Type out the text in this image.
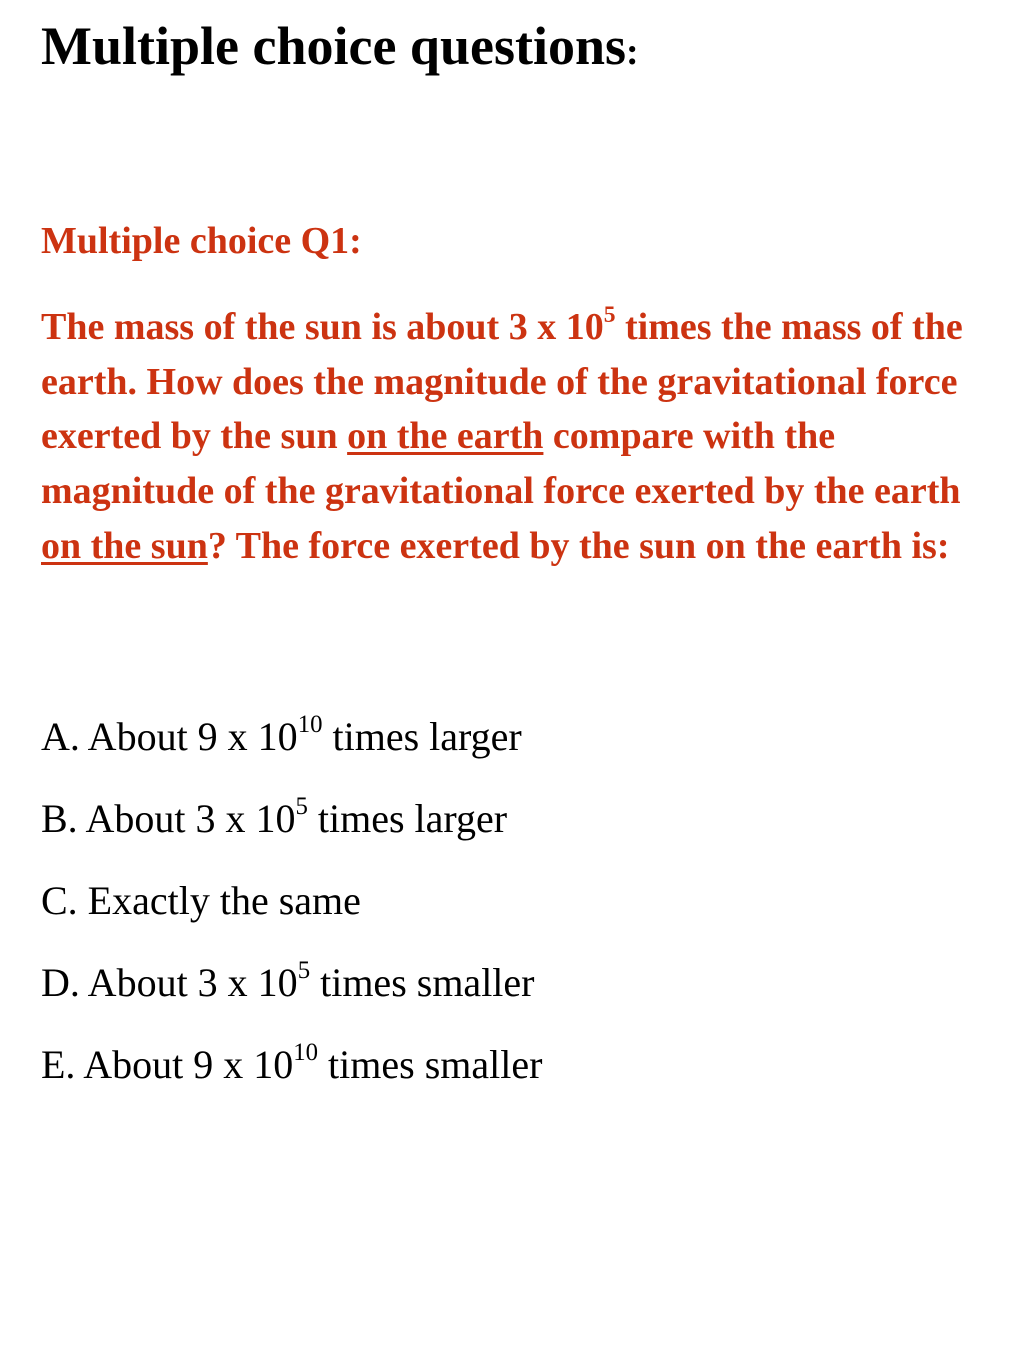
Multiple choice questions:
Multiple choice Q1:

The mass of the sun is about 3 x $10^5$ times the mass of the earth. How does the magnitude of the gravitational force exerted by the sun on the earth compare with the magnitude of the gravitational force exerted by the earth on the sun? The force exerted by the sun on the earth is:

A. About 9 x $10^{10}$ times larger

B. About 3 x $10^5$ times larger

C. Exactly the same

D. About 3 x $10^5$ times smaller

E. About 9 x $10^{10}$ times smaller
